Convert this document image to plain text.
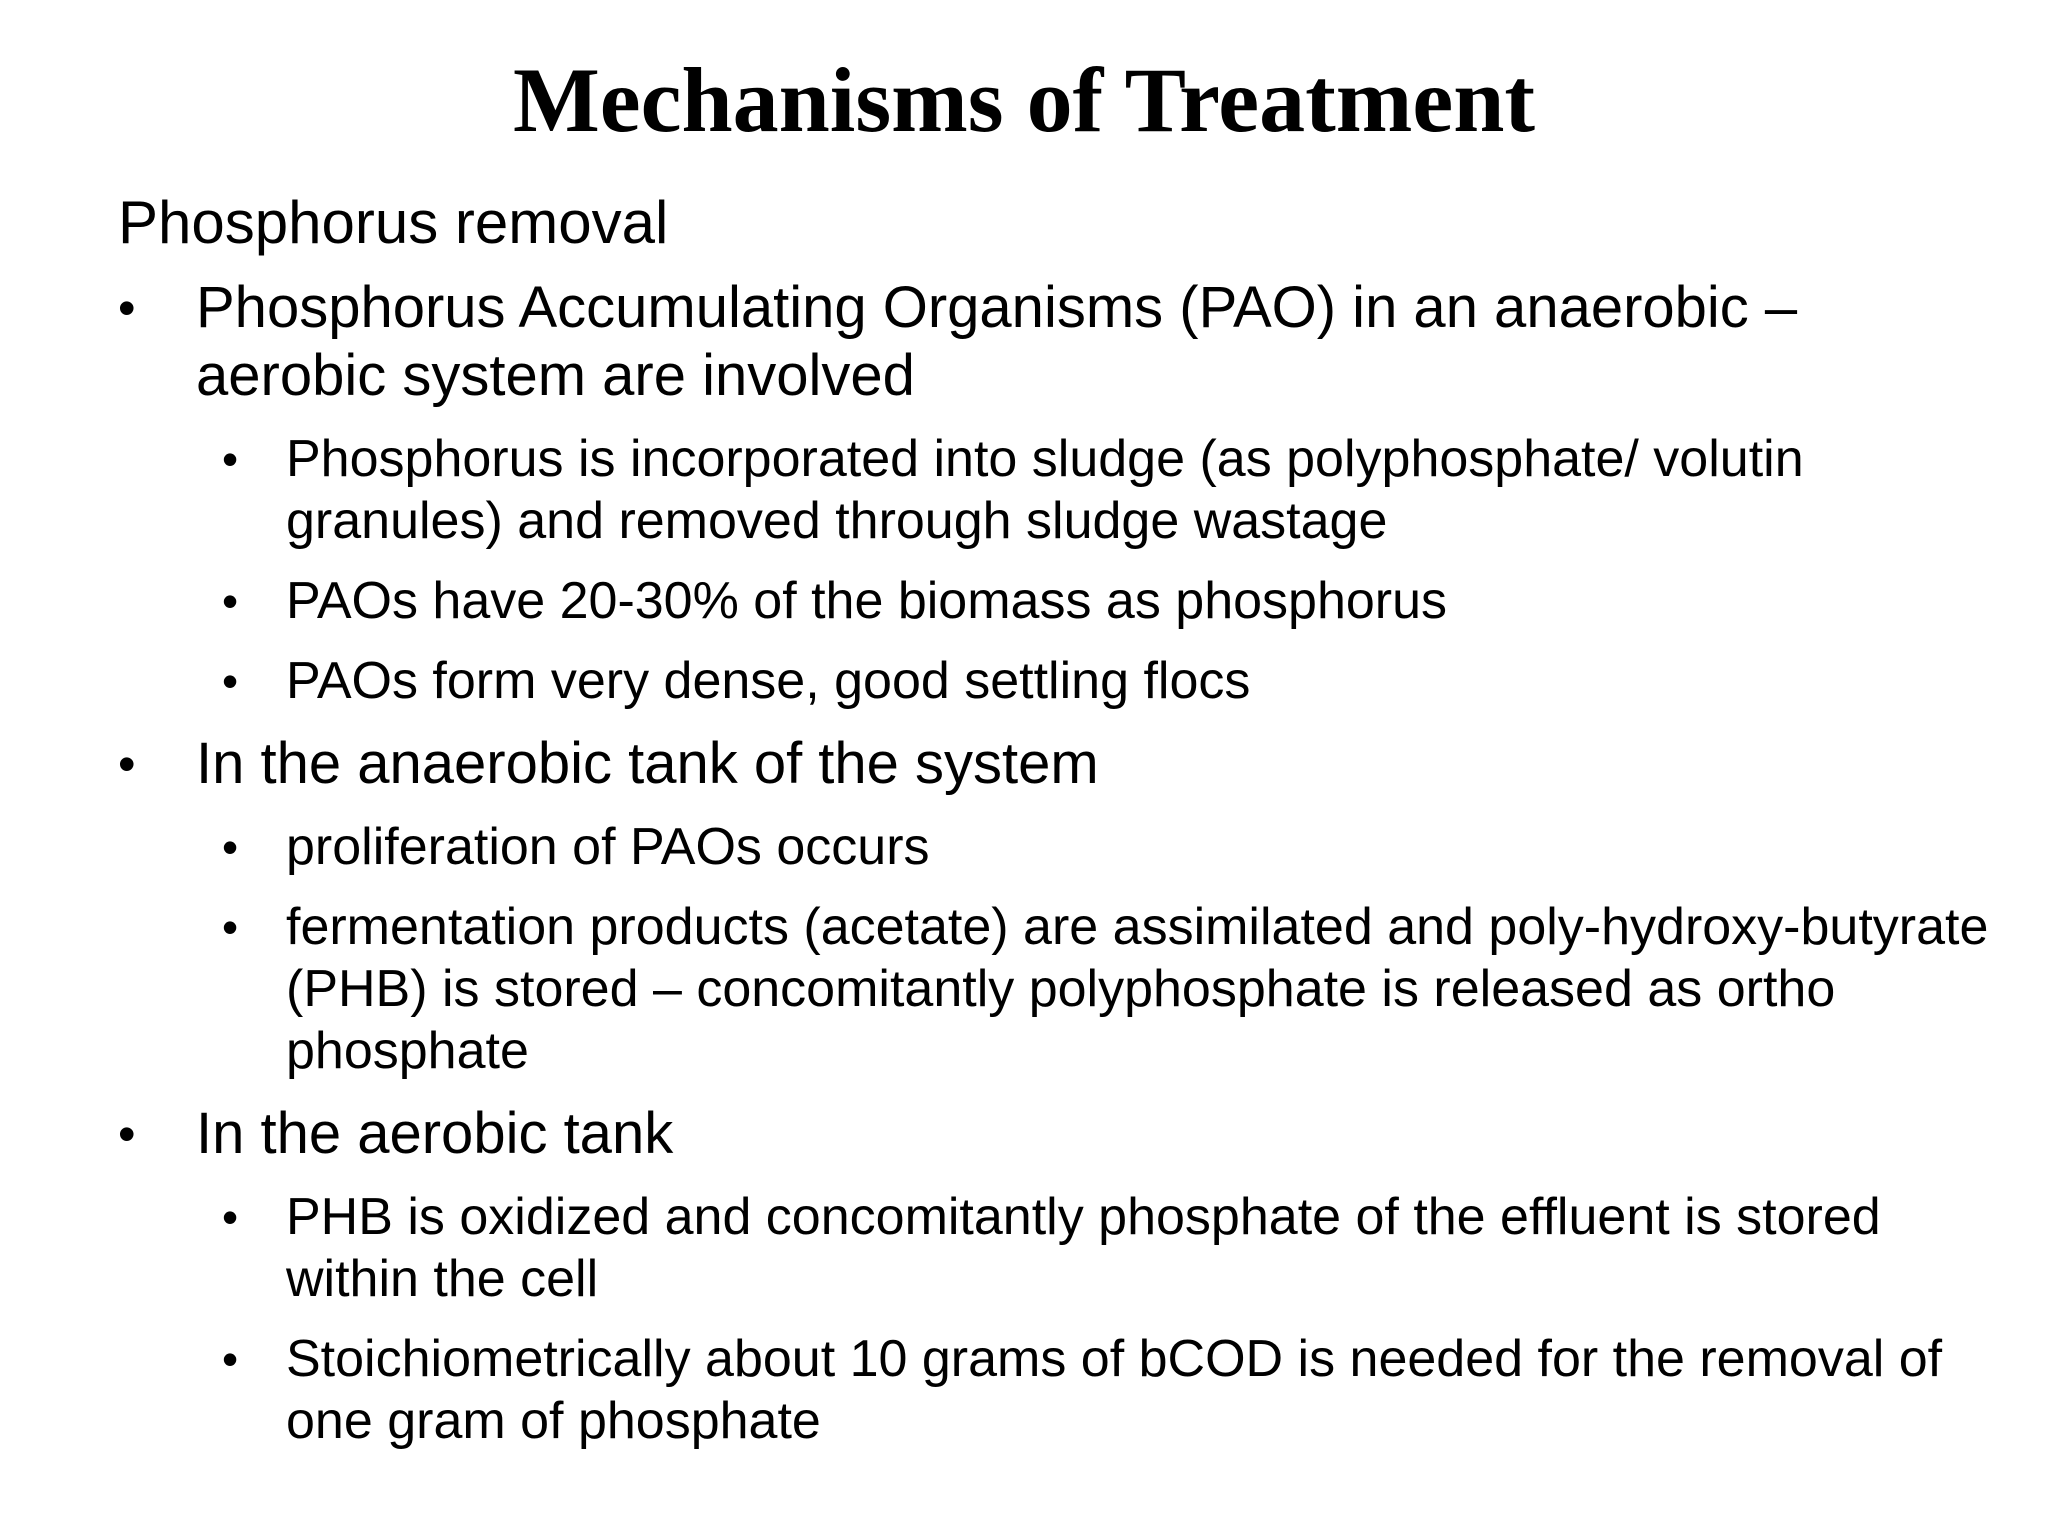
Mechanisms of Treatment
Phosphorus removal
• Phosphorus Accumulating Organisms (PAO) in an anaerobic – aerobic system are involved
• Phosphorus is incorporated into sludge (as polyphosphate/ volutin granules) and removed through sludge wastage
• PAOs have 20-30% of the biomass as phosphorus
• PAOs form very dense, good settling flocs
• In the anaerobic tank of the system
• proliferation of PAOs occurs
• fermentation products (acetate) are assimilated and poly-hydroxy-butyrate (PHB) is stored – concomitantly polyphosphate is released as ortho phosphate
• In the aerobic tank
• PHB is oxidized and concomitantly phosphate of the effluent is stored within the cell
• Stoichiometrically about 10 grams of bCOD is needed for the removal of one gram of phosphate
